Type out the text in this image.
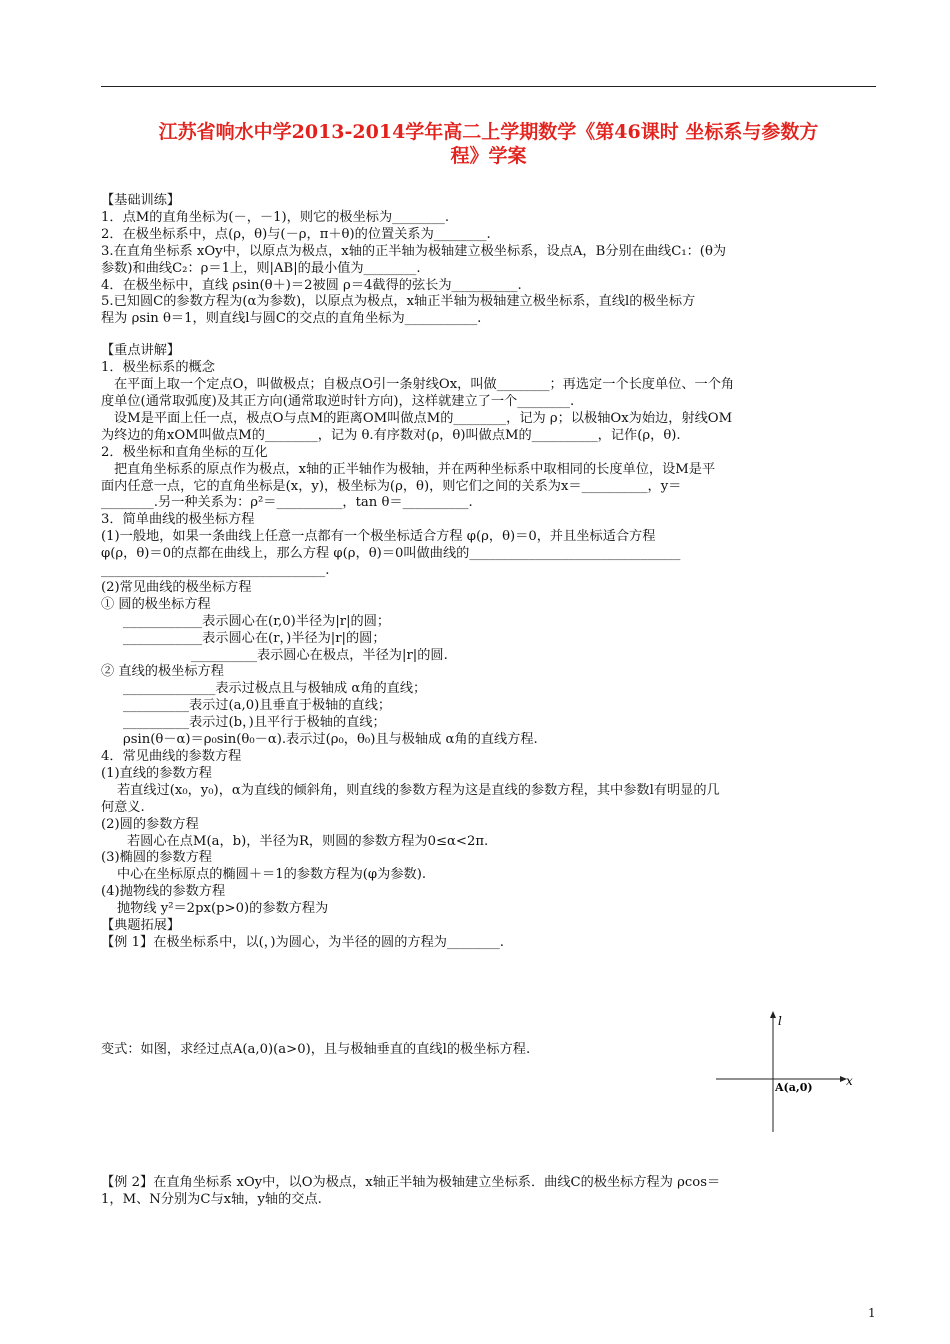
江苏省响水中学2013-2014学年高二上学期数学《第46课时 坐标系与参数方
程》学案

【基础训练】

1．点M的直角坐标为(－，－1)，则它的极坐标为________.

2．在极坐标系中，点(ρ，θ)与(－ρ，π＋θ)的位置关系为________.

3.在直角坐标系 xOy中，以原点为极点，x轴的正半轴为极轴建立极坐标系，设点A，B分别在曲线C₁：(θ为

参数)和曲线C₂：ρ＝1上，则|AB|的最小值为________.

4．在极坐标中，直线 ρsin(θ＋)＝2被圆 ρ＝4截得的弦长为__________.

5.已知圆C的参数方程为(α为参数)，以原点为极点，x轴正半轴为极轴建立极坐标系，直线l的极坐标方

程为 ρsin θ＝1，则直线l与圆C的交点的直角坐标为___________.

【重点讲解】

1．极坐标系的概念

在平面上取一个定点O，叫做极点；自极点O引一条射线Ox，叫做________；再选定一个长度单位、一个角

度单位(通常取弧度)及其正方向(通常取逆时针方向)，这样就建立了一个________.

设M是平面上任一点，极点O与点M的距离OM叫做点M的________，记为 ρ；以极轴Ox为始边，射线OM

为终边的角xOM叫做点M的________，记为 θ.有序数对(ρ，θ)叫做点M的__________，记作(ρ，θ).

2．极坐标和直角坐标的互化

把直角坐标系的原点作为极点，x轴的正半轴作为极轴，并在两种坐标系中取相同的长度单位，设M是平

面内任意一点，它的直角坐标是(x，y)，极坐标为(ρ，θ)，则它们之间的关系为x＝__________，y＝

________.另一种关系为：ρ²＝__________，tan θ＝__________.

3．简单曲线的极坐标方程

(1)一般地，如果一条曲线上任意一点都有一个极坐标适合方程 φ(ρ，θ)＝0，并且坐标适合方程

φ(ρ，θ)＝0的点都在曲线上，那么方程 φ(ρ，θ)＝0叫做曲线的________________________________

__________________________________.

(2)常见曲线的极坐标方程

① 圆的极坐标方程

____________表示圆心在(r,0)半径为|r|的圆；

____________表示圆心在(r，)半径为|r|的圆；

__________表示圆心在极点，半径为|r|的圆.

② 直线的极坐标方程

______________表示过极点且与极轴成 α角的直线；

__________表示过(a,0)且垂直于极轴的直线；

__________表示过(b，)且平行于极轴的直线；

ρsin(θ－α)＝ρ₀sin(θ₀－α).表示过(ρ₀，θ₀)且与极轴成 α角的直线方程.

4．常见曲线的参数方程

(1)直线的参数方程

若直线过(x₀，y₀)，α为直线的倾斜角，则直线的参数方程为这是直线的参数方程，其中参数l有明显的几

何意义.

(2)圆的参数方程

若圆心在点M(a，b)，半径为R，则圆的参数方程为0≤α<2π.

(3)椭圆的参数方程

中心在坐标原点的椭圆＋＝1的参数方程为(φ为参数).

(4)抛物线的参数方程

抛物线 y²＝2px(p>0)的参数方程为

【典题拓展】

【例 1】在极坐标系中，以(，)为圆心，为半径的圆的方程为________.

变式：如图，求经过点A(a,0)(a>0)，且与极轴垂直的直线l的极坐标方程.

【例 2】在直角坐标系 xOy中，以O为极点，x轴正半轴为极轴建立坐标系．曲线C的极坐标方程为 ρcos＝

1，M、N分别为C与x轴，y轴的交点.

l
x
A(a,0)
1
